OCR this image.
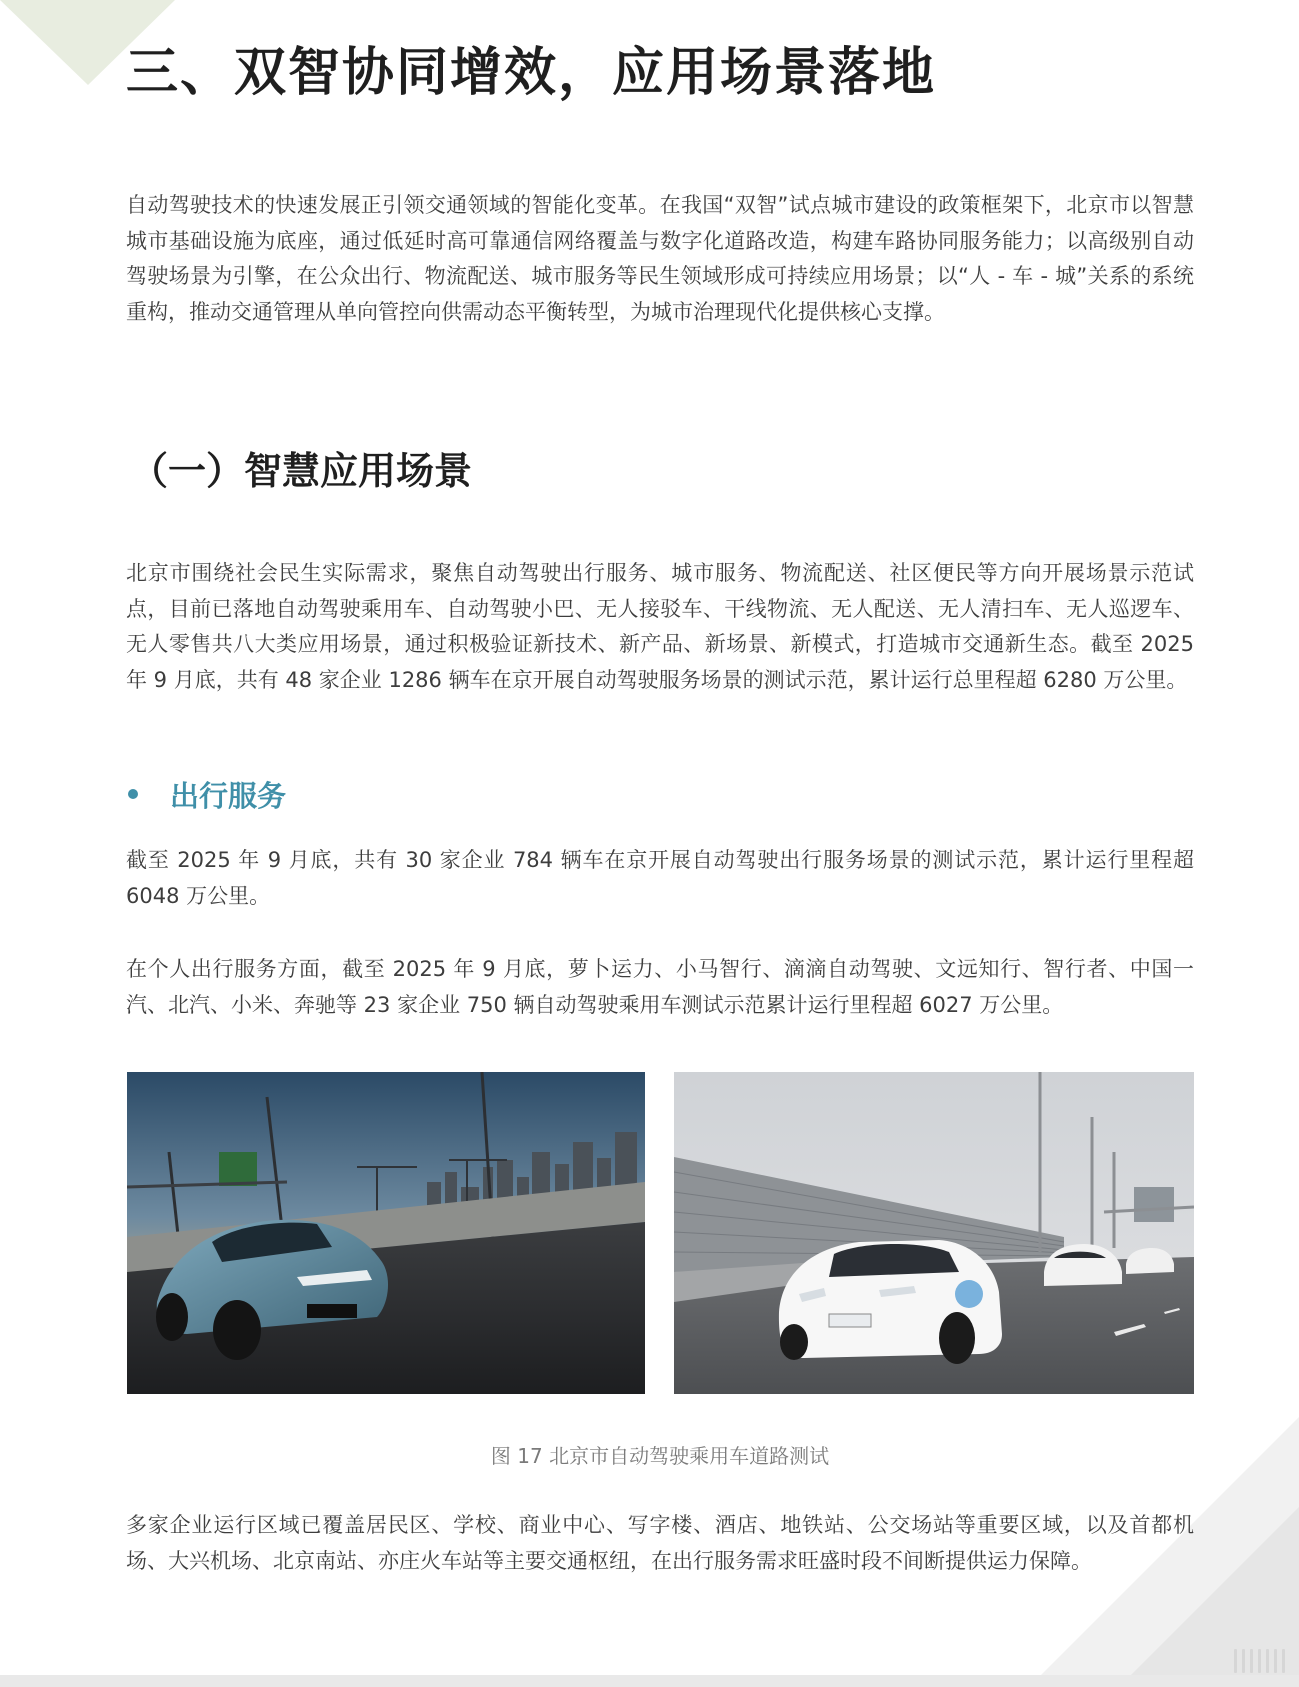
三、双智协同增效，应用场景落地

自动驾驶技术的快速发展正引领交通领域的智能化变革。在我国“双智”试点城市建设的政策框架下，北京市以智慧城市基础设施为底座，通过低延时高可靠通信网络覆盖与数字化道路改造，构建车路协同服务能力；以高级别自动驾驶场景为引擎，在公众出行、物流配送、城市服务等民生领域形成可持续应用场景；以“人 - 车 - 城”关系的系统重构，推动交通管理从单向管控向供需动态平衡转型，为城市治理现代化提供核心支撑。

（一）智慧应用场景

北京市围绕社会民生实际需求，聚焦自动驾驶出行服务、城市服务、物流配送、社区便民等方向开展场景示范试点，目前已落地自动驾驶乘用车、自动驾驶小巴、无人接驳车、干线物流、无人配送、无人清扫车、无人巡逻车、无人零售共八大类应用场景，通过积极验证新技术、新产品、新场景、新模式，打造城市交通新生态。截至 2025 年 9 月底，共有 48 家企业 1286 辆车在京开展自动驾驶服务场景的测试示范，累计运行总里程超 6280 万公里。

出行服务

截至 2025 年 9 月底，共有 30 家企业 784 辆车在京开展自动驾驶出行服务场景的测试示范，累计运行里程超 6048 万公里。

在个人出行服务方面，截至 2025 年 9 月底，萝卜运力、小马智行、滴滴自动驾驶、文远知行、智行者、中国一汽、北汽、小米、奔驰等 23 家企业 750 辆自动驾驶乘用车测试示范累计运行里程超 6027 万公里。

图 17 北京市自动驾驶乘用车道路测试

多家企业运行区域已覆盖居民区、学校、商业中心、写字楼、酒店、地铁站、公交场站等重要区域，以及首都机场、大兴机场、北京南站、亦庄火车站等主要交通枢纽，在出行服务需求旺盛时段不间断提供运力保障。
